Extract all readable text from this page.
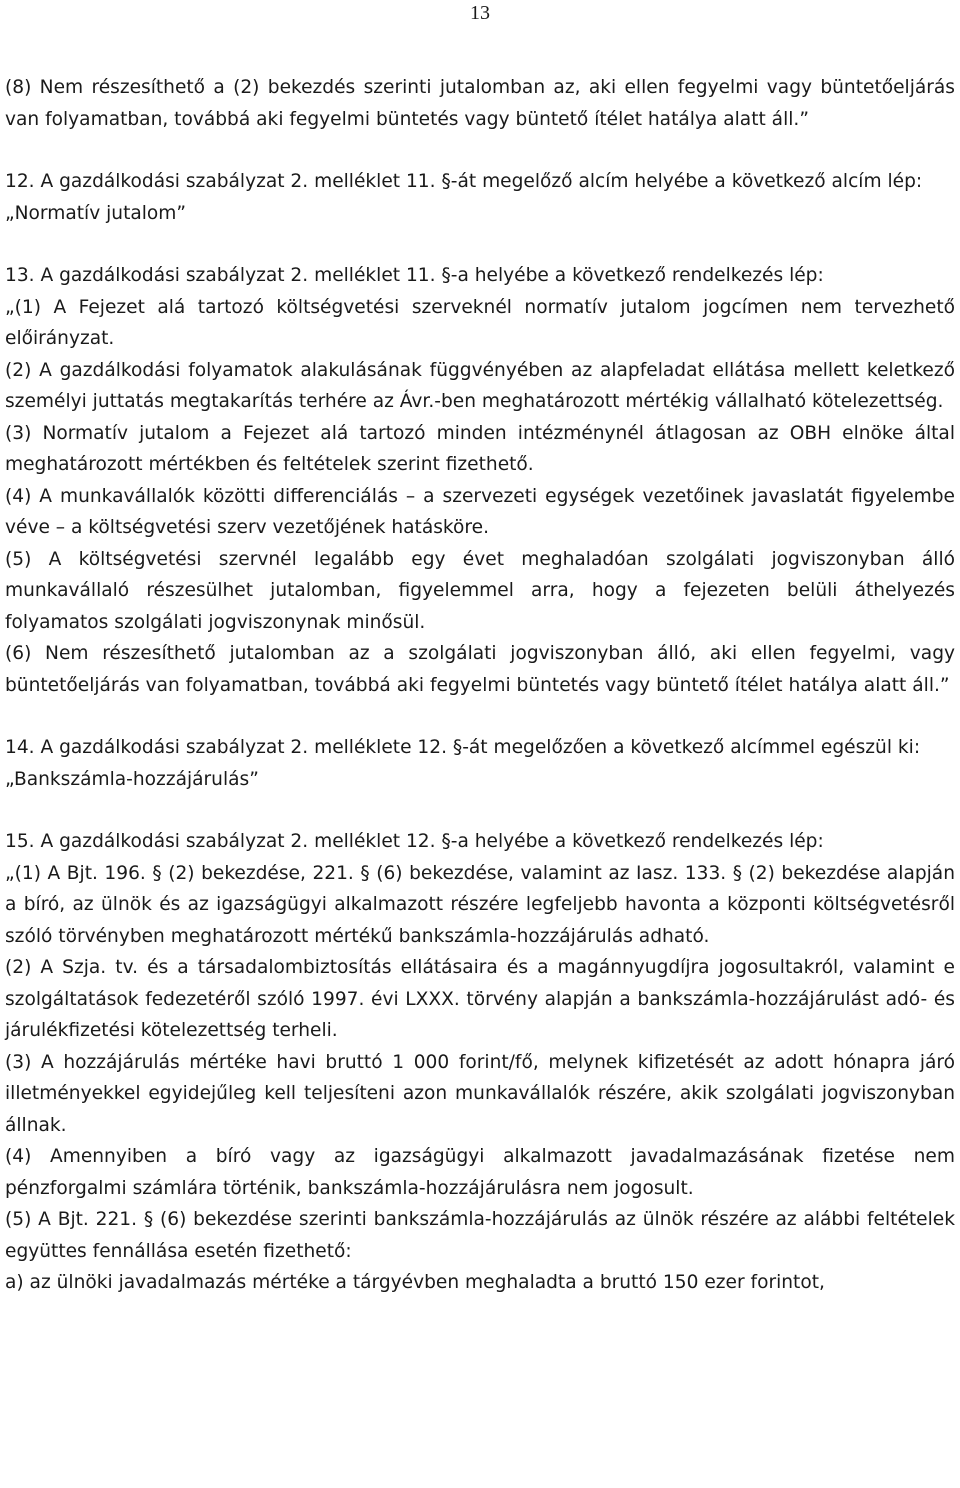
13
(8) Nem részesíthető a (2) bekezdés szerinti jutalomban az, aki ellen fegyelmi vagy büntetőeljárás van folyamatban, továbbá aki fegyelmi büntetés vagy büntető ítélet hatálya alatt áll.”
12. A gazdálkodási szabályzat 2. melléklet 11. §-át megelőző alcím helyébe a következő alcím lép:
„Normatív jutalom”
13. A gazdálkodási szabályzat 2. melléklet 11. §-a helyébe a következő rendelkezés lép:
„(1) A Fejezet alá tartozó költségvetési szerveknél normatív jutalom jogcímen nem tervezhető előirányzat.
(2) A gazdálkodási folyamatok alakulásának függvényében az alapfeladat ellátása mellett keletkező személyi juttatás megtakarítás terhére az Ávr.-ben meghatározott mértékig vállalható kötelezettség.
(3) Normatív jutalom a Fejezet alá tartozó minden intézménynél átlagosan az OBH elnöke által meghatározott mértékben és feltételek szerint fizethető.
(4) A munkavállalók közötti differenciálás – a szervezeti egységek vezetőinek javaslatát figyelembe véve – a költségvetési szerv vezetőjének hatásköre.
(5) A költségvetési szervnél legalább egy évet meghaladóan szolgálati jogviszonyban álló munkavállaló részesülhet jutalomban, figyelemmel arra, hogy a fejezeten belüli áthelyezés folyamatos szolgálati jogviszonynak minősül.
(6) Nem részesíthető jutalomban az a szolgálati jogviszonyban álló, aki ellen fegyelmi, vagy büntetőeljárás van folyamatban, továbbá aki fegyelmi büntetés vagy büntető ítélet hatálya alatt áll.”
14. A gazdálkodási szabályzat 2. melléklete 12. §-át megelőzően a következő alcímmel egészül ki:
„Bankszámla-hozzájárulás”
15. A gazdálkodási szabályzat 2. melléklet 12. §-a helyébe a következő rendelkezés lép:
„(1) A Bjt. 196. § (2) bekezdése, 221. § (6) bekezdése, valamint az Iasz. 133. § (2) bekezdése alapján a bíró, az ülnök és az igazságügyi alkalmazott részére legfeljebb havonta a központi költségvetésről szóló törvényben meghatározott mértékű bankszámla-hozzájárulás adható.
(2) A Szja. tv. és a társadalombiztosítás ellátásaira és a magánnyugdíjra jogosultakról, valamint e szolgáltatások fedezetéről szóló 1997. évi LXXX. törvény alapján a bankszámla-hozzájárulást adó- és járulékfizetési kötelezettség terheli.
(3) A hozzájárulás mértéke havi bruttó 1 000 forint/fő, melynek kifizetését az adott hónapra járó illetményekkel egyidejűleg kell teljesíteni azon munkavállalók részére, akik szolgálati jogviszonyban állnak.
(4) Amennyiben a bíró vagy az igazságügyi alkalmazott javadalmazásának fizetése nem pénzforgalmi számlára történik, bankszámla-hozzájárulásra nem jogosult.
(5) A Bjt. 221. § (6) bekezdése szerinti bankszámla-hozzájárulás az ülnök részére az alábbi feltételek együttes fennállása esetén fizethető:
a) az ülnöki javadalmazás mértéke a tárgyévben meghaladta a bruttó 150 ezer forintot,
